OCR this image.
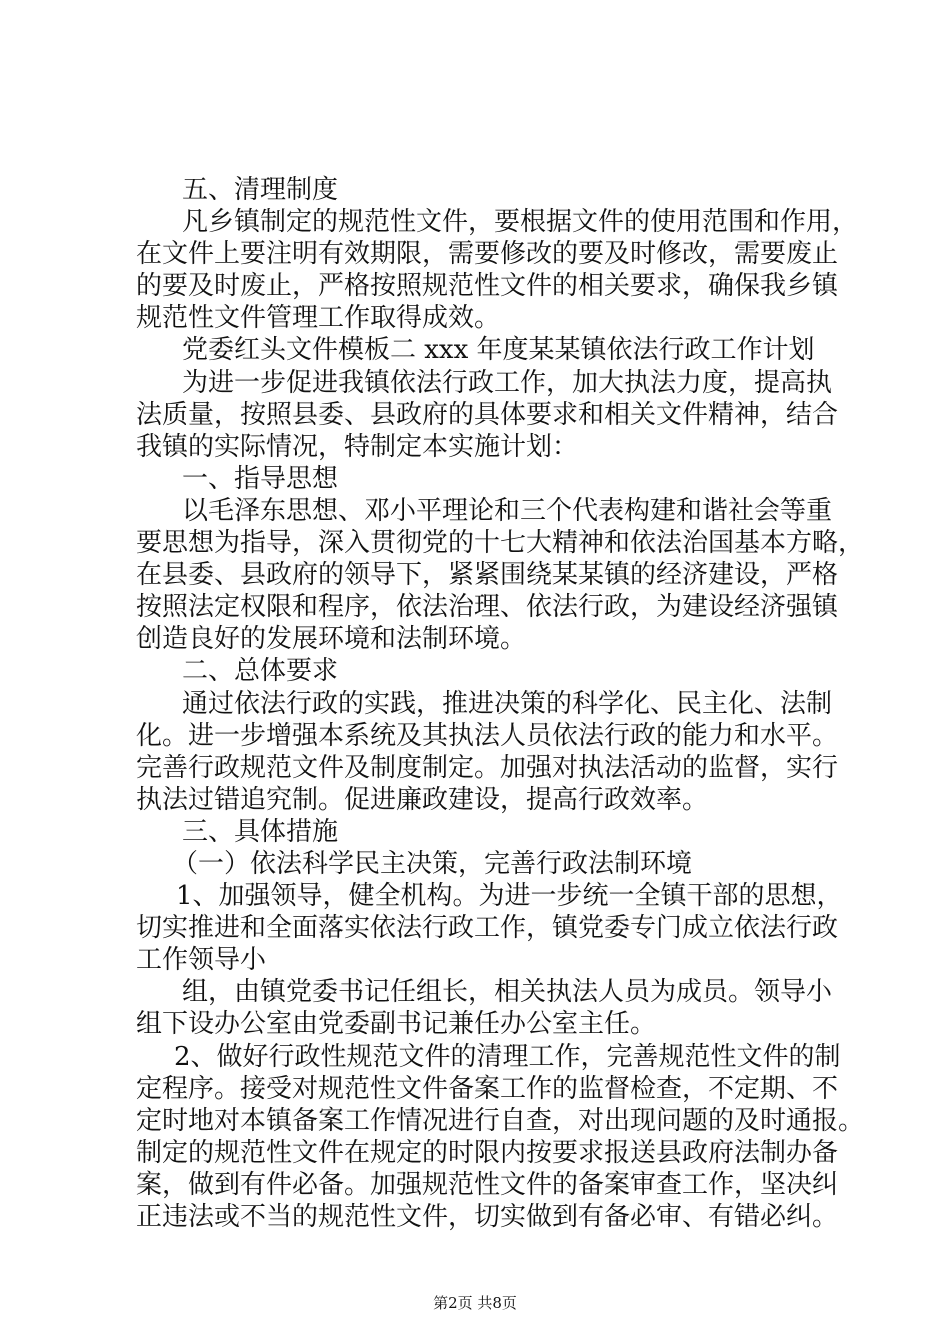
五、清理制度
凡乡镇制定的规范性文件，要根据文件的使用范围和作用，
在文件上要注明有效期限，需要修改的要及时修改，需要废止
的要及时废止，严格按照规范性文件的相关要求，确保我乡镇
规范性文件管理工作取得成效。
党委红头文件模板二 xxx 年度某某镇依法行政工作计划
为进一步促进我镇依法行政工作，加大执法力度，提高执
法质量，按照县委、县政府的具体要求和相关文件精神，结合
我镇的实际情况，特制定本实施计划：
一、指导思想
以毛泽东思想、邓小平理论和三个代表构建和谐社会等重
要思想为指导，深入贯彻党的十七大精神和依法治国基本方略，
在县委、县政府的领导下，紧紧围绕某某镇的经济建设，严格
按照法定权限和程序，依法治理、依法行政，为建设经济强镇
创造良好的发展环境和法制环境。
二、总体要求
通过依法行政的实践，推进决策的科学化、民主化、法制
化。进一步增强本系统及其执法人员依法行政的能力和水平。
完善行政规范文件及制度制定。加强对执法活动的监督，实行
执法过错追究制。促进廉政建设，提高行政效率。
三、具体措施
（一）依法科学民主决策，完善行政法制环境
1、加强领导，健全机构。为进一步统一全镇干部的思想，
切实推进和全面落实依法行政工作，镇党委专门成立依法行政
工作领导小
组，由镇党委书记任组长，相关执法人员为成员。领导小
组下设办公室由党委副书记兼任办公室主任。
2、做好行政性规范文件的清理工作，完善规范性文件的制
定程序。接受对规范性文件备案工作的监督检查，不定期、不
定时地对本镇备案工作情况进行自查，对出现问题的及时通报。
制定的规范性文件在规定的时限内按要求报送县政府法制办备
案，做到有件必备。加强规范性文件的备案审查工作，坚决纠
正违法或不当的规范性文件，切实做到有备必审、有错必纠。
第2页 共8页
